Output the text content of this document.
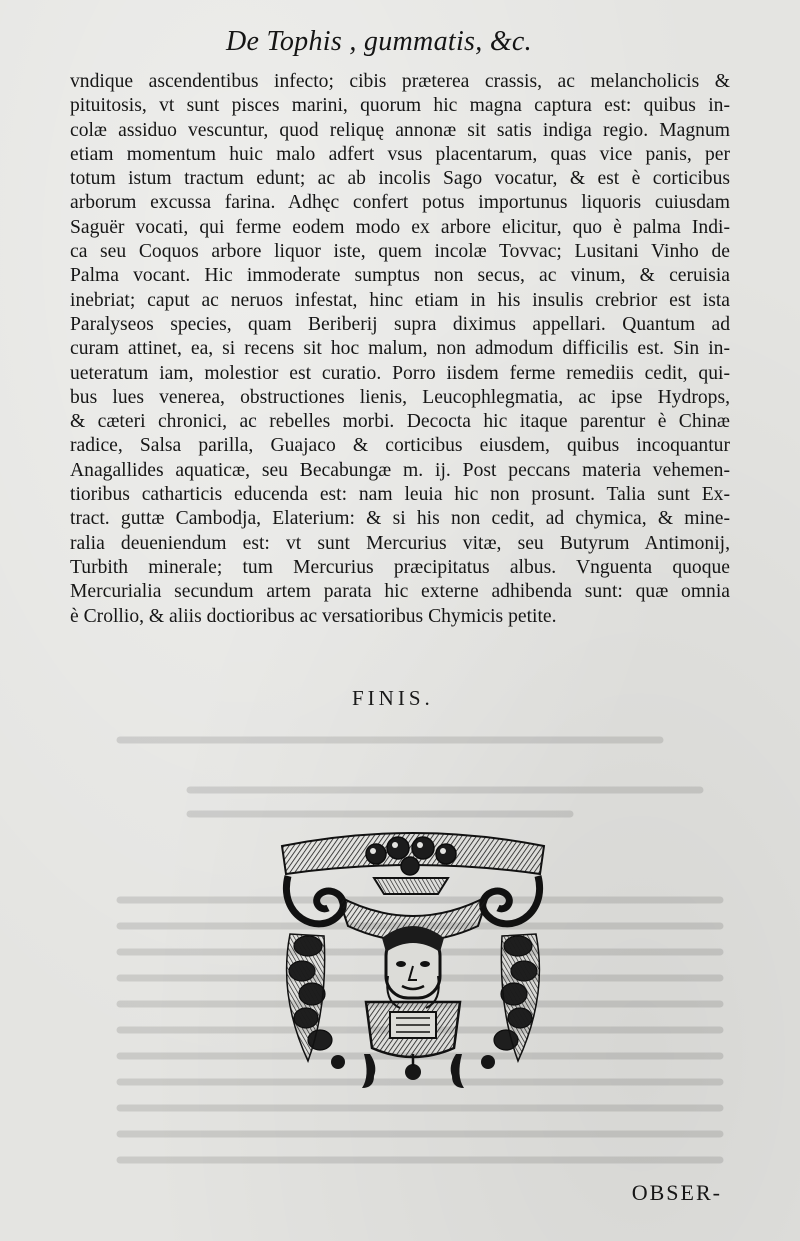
De Tophis , gummatis, &c.
vndique ascendentibus infecto; cibis præterea crassis, ac melancholicis &
pituitosis, vt sunt pisces marini, quorum hic magna captura est: quibus in-
colæ assiduo vescuntur, quod reliquę annonæ sit satis indiga regio. Magnum
etiam momentum huic malo adfert vsus placentarum, quas vice panis, per
totum istum tractum edunt; ac ab incolis Sago vocatur, & est è corticibus
arborum excussa farina. Adhęc confert potus importunus liquoris cuiusdam
Saguër vocati, qui ferme eodem modo ex arbore elicitur, quo è palma Indi-
ca seu Coquos arbore liquor iste, quem incolæ Tovvac; Lusitani Vinho de
Palma vocant. Hic immoderate sumptus non secus, ac vinum, & ceruisia
inebriat; caput ac neruos infestat, hinc etiam in his insulis crebrior est ista
Paralyseos species, quam Beriberij supra diximus appellari. Quantum ad
curam attinet, ea, si recens sit hoc malum, non admodum difficilis est. Sin in-
ueteratum iam, molestior est curatio. Porro iisdem ferme remediis cedit, qui-
bus lues venerea, obstructiones lienis, Leucophlegmatia, ac ipse Hydrops,
& cæteri chronici, ac rebelles morbi. Decocta hic itaque parentur è Chinæ
radice, Salsa parilla, Guajaco & corticibus eiusdem, quibus incoquantur
Anagallides aquaticæ, seu Becabungæ m. ij. Post peccans materia vehemen-
tioribus catharticis educenda est: nam leuia hic non prosunt. Talia sunt Ex-
tract. guttæ Cambodja, Elaterium: & si his non cedit, ad chymica, & mine-
ralia deueniendum est: vt sunt Mercurius vitæ, seu Butyrum Antimonij,
Turbith minerale; tum Mercurius præcipitatus albus. Vnguenta quoque
Mercurialia secundum artem parata hic externe adhibenda sunt: quæ omnia
è Crollio, & aliis doctioribus ac versatioribus Chymicis petite.
FINIS.
OBSER-
